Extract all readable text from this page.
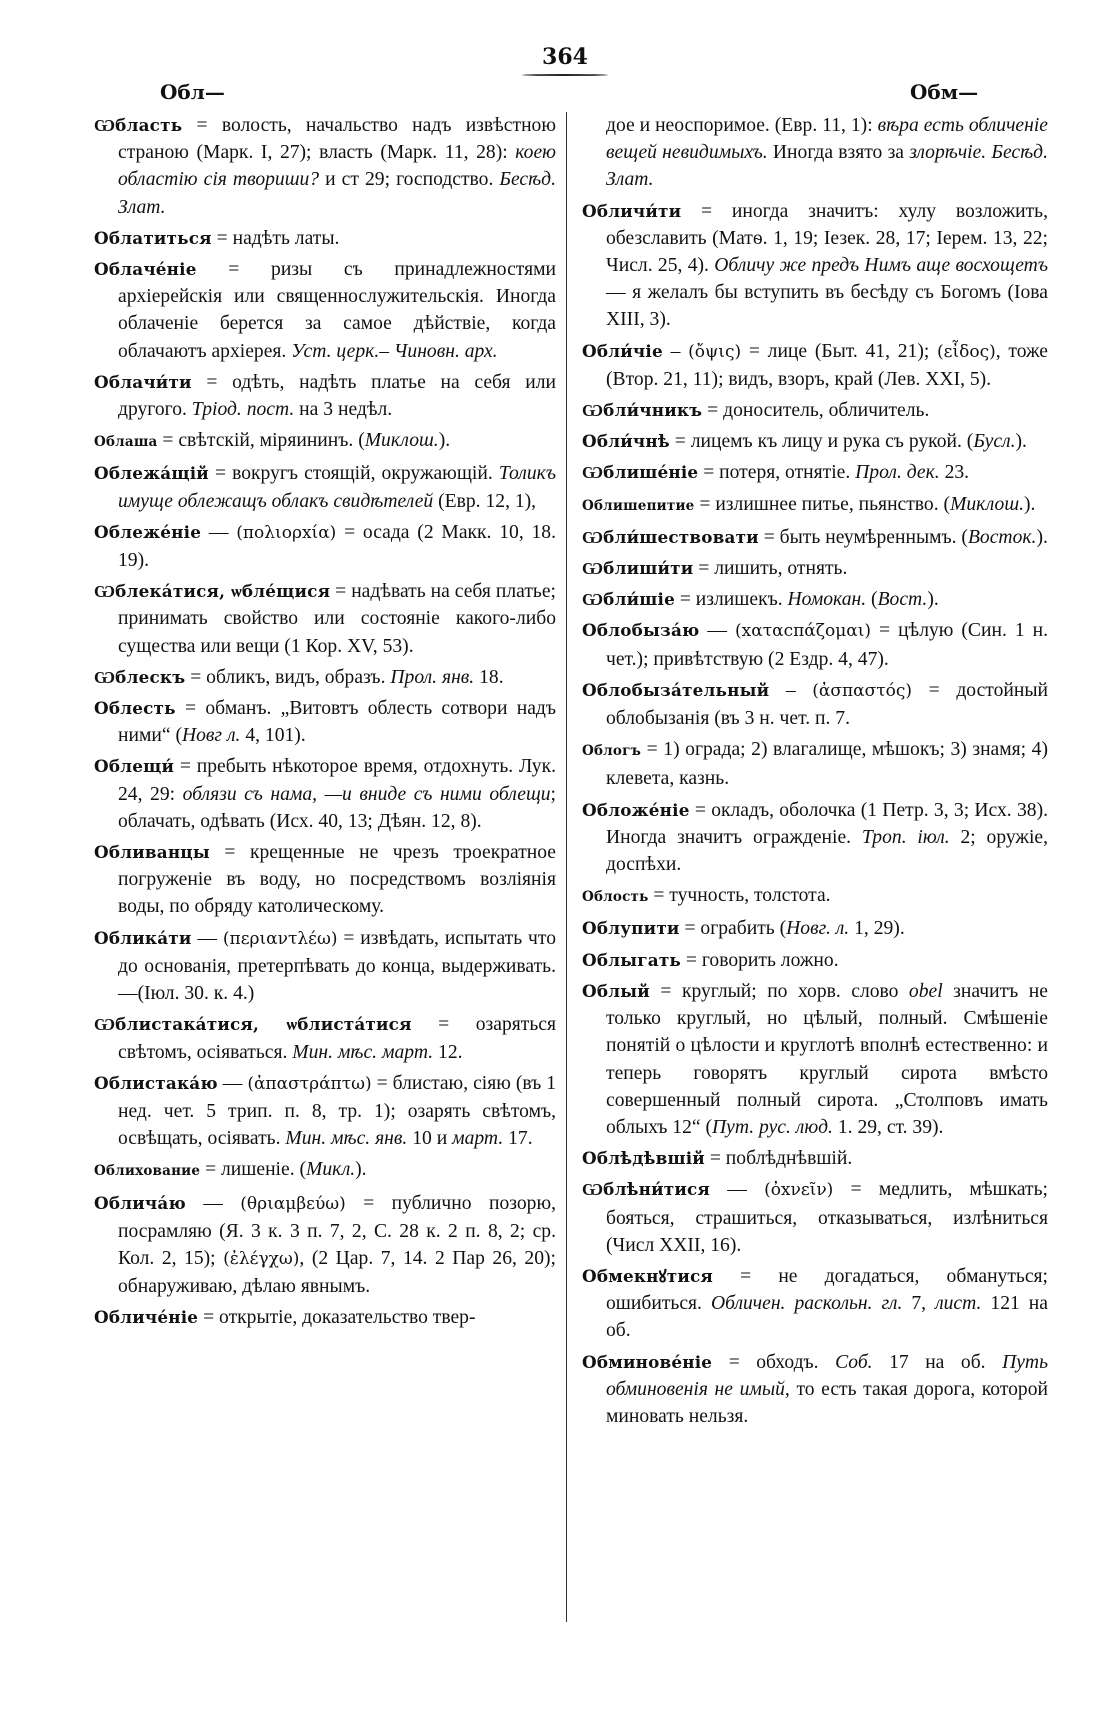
364
Обл—	Обм—

Ѡбласть = волость, начальство надъ извѣстною страною (Марк. I, 27); власть (Марк. 11, 28): коею областію сія твориши? и ст 29; господство. Бесѣд. Злат.

Облатиться = надѣть латы.

Облаче́ніе = ризы съ принадлежностями архіерейскія или священнослужительскія. Иногда облаченіе берется за самое дѣйствіе, когда облачаютъ архіерея. Уст. церк.– Чиновн. арх.

Облачи́ти = одѣть, надѣть платье на себя или другого. Тріод. пост. на 3 недѣл.

Облаша = свѣтскій, міряининъ. (Миклош.).

Облежа́щій = вокругъ стоящій, окружающій. Толикъ имуще облежащъ облакъ свидѣтелей (Евр. 12, 1),

Облеже́ніе — (πολιορxία) = осада (2 Макк. 10, 18. 19).

Ѡблека́тися, ѡбле́щися = надѣвать на себя платье; принимать свойство или состояніе какого-либо существа или вещи (1 Кор. XV, 53).

Ѡблескъ = обликъ, видъ, образъ. Прол. янв. 18.

Облесть = обманъ. „Витовтъ облесть сотвори надъ ними“ (Новг л. 4, 101).

Облещи́ = пребыть нѣкоторое время, отдохнуть. Лук. 24, 29: облязи съ нама, —и вниде съ ними облещи; облачать, одѣвать (Исх. 40, 13; Дѣян. 12, 8).

Обливанцы = крещенные не чрезъ троекратное погруженіе въ воду, но посредствомъ возліянія воды, по обряду католическому.

Облика́ти — (περιαντλέω) = извѣдать, испытать что до основанія, претерпѣвать до конца, выдерживать. —(Іюл. 30. к. 4.)

Ѡблистака́тися, ѡблиста́тися = озаряться свѣтомъ, осіяваться. Мин. мѣс. март. 12.

Облистака́ю — (ἀπαστράπτω) = блистаю, сіяю (въ 1 нед. чет. 5 трип. п. 8, тр. 1); озарять свѣтомъ, освѣщать, осіявать. Мин. мѣс. янв. 10 и март. 17.

Облиховaние = лишеніе. (Микл.).

Обличáю — (θριαμβεύω) = публично позорю, посрамляю (Я. 3 к. 3 п. 7, 2, С. 28 к. 2 п. 8, 2; ср. Кол. 2, 15); (ἐλέγχω), (2 Цар. 7, 14. 2 Пар 26, 20); обнаруживаю, дѣлаю явнымъ.

Обличе́ніе = открытіе, доказательство твер-

дое и неоспоримое. (Евр. 11, 1): вѣра есть обличеніе вещей невидимыхъ. Иногда взято за злорѣчіе. Бесѣд. Злат.

Обличи́ти = иногда значитъ: хулу возложить, обезславить (Матѳ. 1, 19; Іезек. 28, 17; Іерем. 13, 22; Числ. 25, 4). Обличу же предъ Нимъ аще восхощетъ — я желалъ бы вступить въ бесѣду съ Богомъ (Іова XIII, 3).

Обли́чіе – (ὄψις) = лице (Быт. 41, 21); (εἶδος), тоже (Втор. 21, 11); видъ, взоръ, край (Лев. XXI, 5).

Ѡбли́чникъ = доноситель, обличитель.

Обли́чнѣ = лицемъ къ лицу и рука съ рукой. (Бусл.).

Ѡблише́ніе = потеря, отнятіе. Прол. дек. 23.

Облишепитие = излишнее питье, пьянство. (Миклош.).

Ѡбли́шествовати = быть неумѣреннымъ. (Восток.).

Ѡблиши́ти = лишить, отнять.

Ѡбли́шіе = излишекъ. Номокан. (Вост.).

Облобыза́ю — (xαταcπάζομαι) = цѣлую (Син. 1 н. чет.); привѣтствую (2 Ездр. 4, 47).

Облобыза́тельный – (ἀσπαστός) = достойный облобызанія (въ 3 н. чет. п. 7.

Облогъ = 1) ограда; 2) влагалище, мѣшокъ; 3) знамя; 4) клевета, казнь.

Обложе́ніе = окладъ, оболочка (1 Петр. 3, 3; Исх. 38). Иногда значитъ огражденіе. Троп. іюл. 2; оружіе, доспѣхи.

Облость = тучность, толстота.

Облупити = ограбить (Новг. л. 1, 29).

Облыгать = говорить ложно.

Облый = круглый; по хорв. слово obel значитъ не только круглый, но цѣлый, полный. Смѣшеніе понятій о цѣлости и круглотѣ вполнѣ естественно: и теперь говорятъ круглый сирота вмѣсто совершенный полный сирота. „Столповъ имать облыхъ 12“ (Пут. рус. люд. 1. 29, ст. 39).

Облѣдѣвшій = поблѣднѣвшій.

Ѡблѣни́тися — (ὀxνεῖν) = медлить, мѣшкать; бояться, страшиться, отказываться, излѣниться (Числ XXII, 16).

Обмекнꙋтися = не догадаться, обмануться; ошибиться. Обличен. раскольн. гл. 7, лист. 121 на об.

Обминове́ніе = обходъ. Соб. 17 на об. Путь обминовенія не имый, то есть такая дорога, которой миновать нельзя.
